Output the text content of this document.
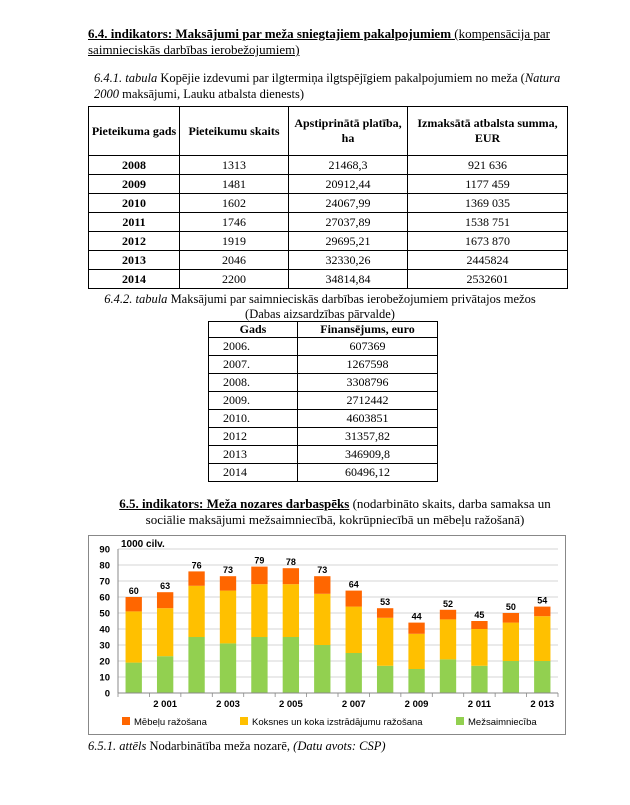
6.4. indikators: Maksājumi par meža sniegtajiem pakalpojumiem (kompensācija par saimnieciskās darbības ierobežojumiem)
6.4.1. tabula Kopējie izdevumi par ilgtermiņa ilgtspējīgiem pakalpojumiem no meža (Natura 2000 maksājumi, Lauku atbalsta dienests)
Pieteikuma gads	Pieteikumu skaits	Apstiprinātā platība, ha	Izmaksātā atbalsta summa, EUR
2008	1313	21468,3	921 636
2009	1481	20912,44	1177 459
2010	1602	24067,99	1369 035
2011	1746	27037,89	1538 751
2012	1919	29695,21	1673 870
2013	2046	32330,26	2445824
2014	2200	34814,84	2532601
6.4.2. tabula Maksājumi par saimnieciskās darbības ierobežojumiem privātajos mežos (Dabas aizsardzības pārvalde)
Gads	Finansējums, euro
2006.	607369
2007.	1267598
2008.	3308796
2009.	2712442
2010.	4603851
2012	31357,82
2013	346909,8
2014	60496,12
6.5. indikators: Meža nozares darbaspēks (nodarbināto skaits, darba samaksa un sociālie maksājumi mežsaimniecībā, kokrūpniecībā un mēbeļu ražošanā)
0
10
20
30
40
50
60
70
80
90
60 63
76 73
79 78
73
64
53
44
52
45
50
54
2 001	2 003	2 005	2 007	2 009	2 011	2 013
1000 cilv.
Mēbeļu ražošana	Koksnes un koka izstrādājumu ražošana	Mežsaimniecība
6.5.1. attēls Nodarbinātība meža nozarē, (Datu avots: CSP)
